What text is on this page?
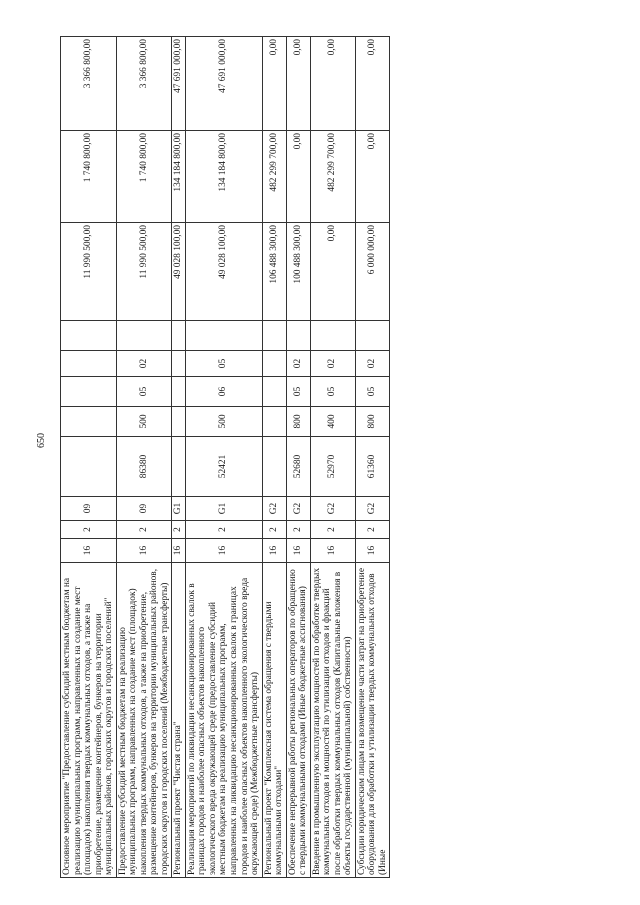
650
Основное мероприятие "Предоставление субсидий местным бюджетам на реализацию муниципальных программ, направленных на создание мест (площадок) накопления твердых коммунальных отходов, а также на приобретение, размещение контейнеров, бункеров на территории муниципальных районов, городских округов и городских поселений"	16	2	09						11 990 500,00	1 740 800,00	3 366 800,00
Предоставление субсидий местным бюджетам на реализацию муниципальных программ, направленных на создание мест (площадок) накопления твердых коммунальных отходов, а также на приобретение, размещение контейнеров, бункеров на территории муниципальных районов, городских округов и городских поселений (Межбюджетные трансферты)	16	2	09	86380	500	05	02		11 990 500,00	1 740 800,00	3 366 800,00
Региональный проект "Чистая страна"	16	2	G1						49 028 100,00	134 184 800,00	47 691 000,00
Реализация мероприятий по ликвидации несанкционированных свалок в границах городов и наиболее опасных объектов накопленного экологического вреда окружающей среде (предоставление субсидий местным бюджетам на реализацию муниципальных программ, направленных на ликвидацию несанкционированных свалок в границах городов и наиболее опасных объектов накопленного экологического вреда окружающей среде) (Межбюджетные трансферты)	16	2	G1	52421	500	06	05		49 028 100,00	134 184 800,00	47 691 000,00
Региональный проект "Комплексная система обращения с твердыми коммунальными отходами"	16	2	G2						106 488 300,00	482 299 700,00	0,00
Обеспечение непрерывной работы региональных операторов по обращению с твердыми коммунальными отходами (Иные бюджетные ассигнования)	16	2	G2	52680	800	05	02		100 488 300,00	0,00	0,00
Введение в промышленную эксплуатацию мощностей по обработке твердых коммунальных отходов и мощностей по утилизации отходов и фракций после обработки твердых коммунальных отходов (Капитальные вложения в объекты государственной (муниципальной) собственности)	16	2	G2	52970	400	05	02		0,00	482 299 700,00	0,00
Субсидии юридическим лицам на возмещение части затрат на приобретение оборудования для обработки и утилизации твердых коммунальных отходов (Иные	16	2	G2	61360	800	05	02		6 000 000,00	0,00	0,00
